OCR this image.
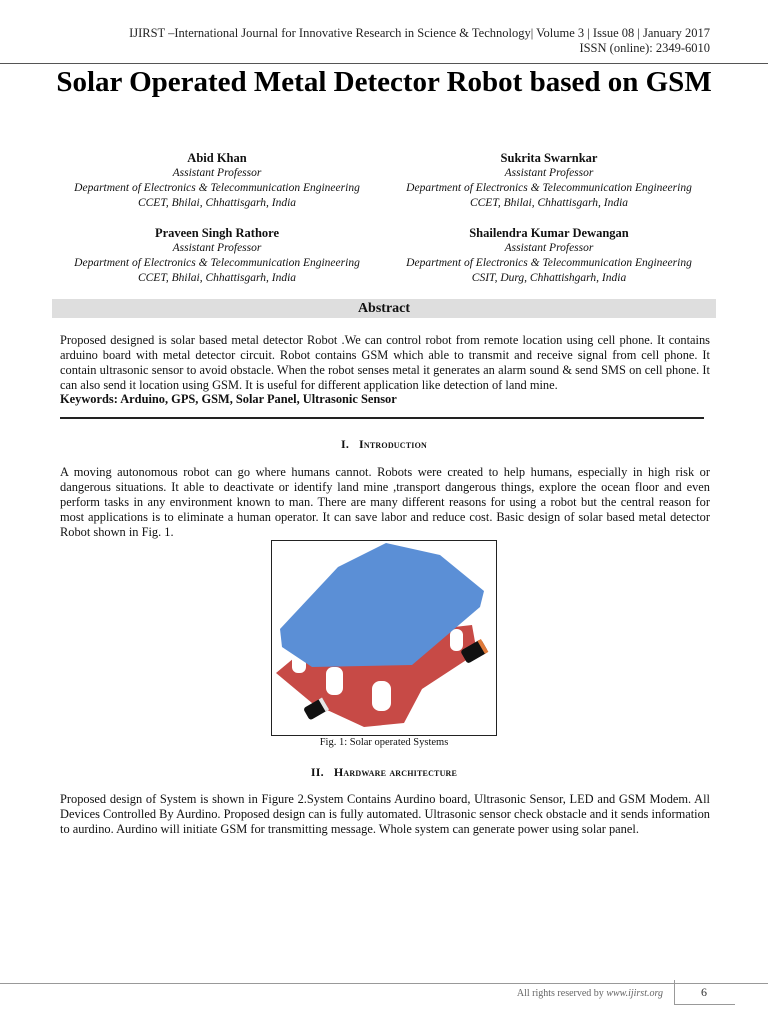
IJIRST –International Journal for Innovative Research in Science & Technology| Volume 3 | Issue 08 | January 2017
ISSN (online): 2349-6010
Solar Operated Metal Detector Robot based on GSM
Abid Khan
Assistant Professor
Department of Electronics & Telecommunication Engineering
CCET, Bhilai, Chhattisgarh, India
Sukrita Swarnkar
Assistant Professor
Department of Electronics & Telecommunication Engineering
CCET, Bhilai, Chhattisgarh, India
Praveen Singh Rathore
Assistant Professor
Department of Electronics & Telecommunication Engineering
CCET, Bhilai, Chhattisgarh, India
Shailendra Kumar Dewangan
Assistant Professor
Department of Electronics & Telecommunication Engineering
CSIT, Durg, Chhattishgarh, India
Abstract
Proposed designed is solar based metal detector Robot .We can control robot from remote location using cell phone. It contains arduino board with metal detector circuit. Robot contains GSM which able to transmit and receive signal from cell phone. It contain ultrasonic sensor to avoid obstacle. When the robot senses metal it generates an alarm sound & send SMS on cell phone. It can also send it location using GSM. It is useful for different application like detection of land mine.
Keywords: Arduino, GPS, GSM, Solar Panel, Ultrasonic Sensor
I. Introduction
A moving autonomous robot can go where humans cannot. Robots were created to help humans, especially in high risk or dangerous situations. It able to deactivate or identify land mine ,transport dangerous things, explore the ocean floor and even perform tasks in any environment known to man. There are many different reasons for using a robot but the central reason for most applications is to eliminate a human operator. It can save labor and reduce cost. Basic design of solar based metal detector Robot shown in Fig. 1.
Fig. 1: Solar operated Systems
II. Hardware architecture
Proposed design of System is shown in Figure 2.System Contains Aurdino board, Ultrasonic Sensor, LED and GSM Modem. All Devices Controlled By Aurdino. Proposed design can is fully automated. Ultrasonic sensor check obstacle and it sends information to aurdino. Aurdino will initiate GSM for transmitting message. Whole system can generate power using solar panel.
All rights reserved by www.ijirst.org	6
